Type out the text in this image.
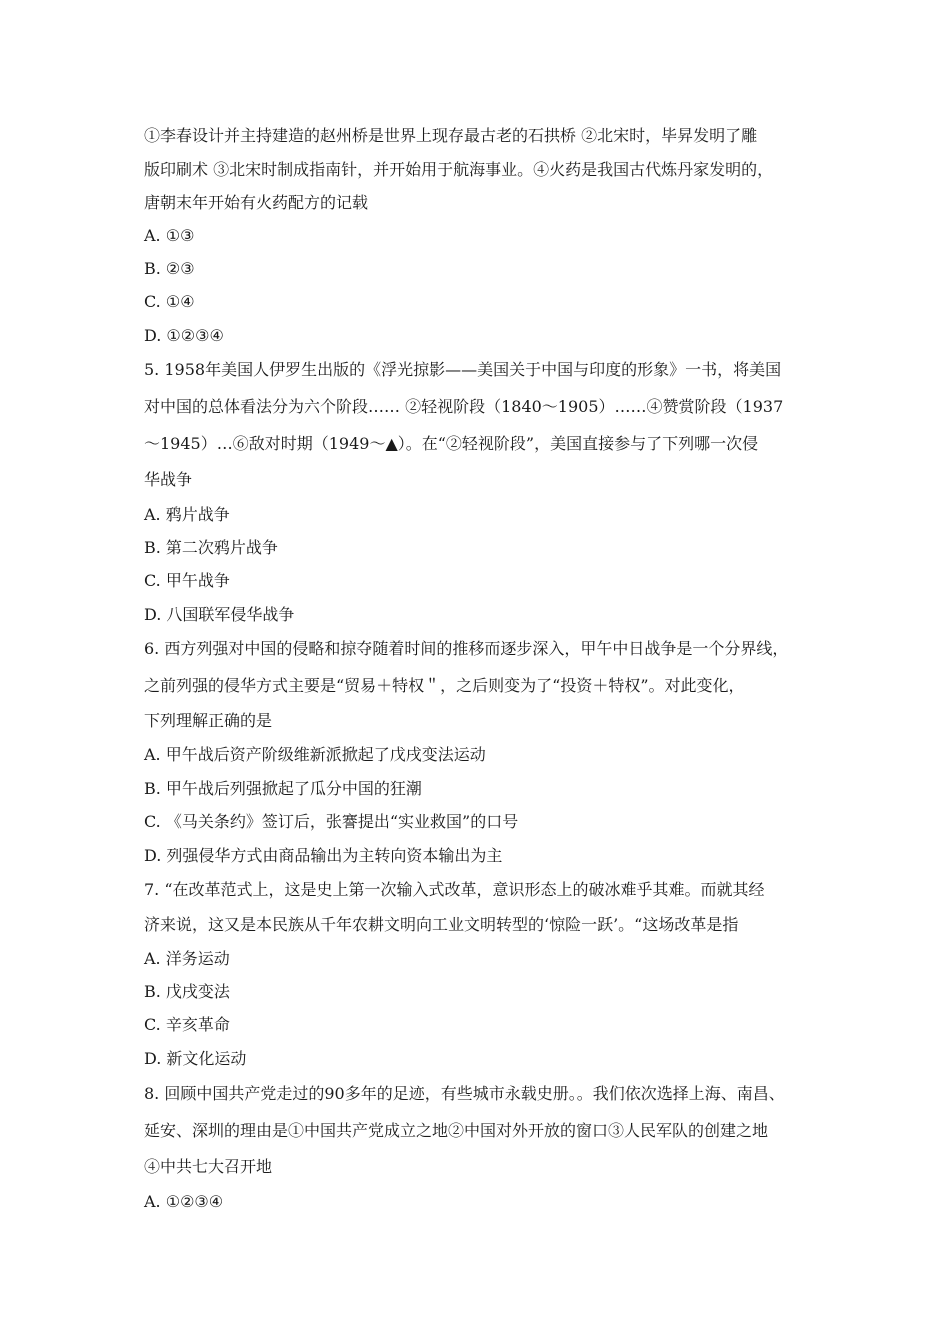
①李春设计并主持建造的赵州桥是世界上现存最古老的石拱桥 ②北宋时，毕昇发明了雕
版印刷术 ③北宋时制成指南针，并开始用于航海事业。④火药是我国古代炼丹家发明的，
唐朝末年开始有火药配方的记载
A. ①③
B. ②③
C. ①④
D. ①②③④
5. 1958年美国人伊罗生出版的《浮光掠影——美国关于中国与印度的形象》一书，将美国
对中国的总体看法分为六个阶段…… ②轻视阶段（1840～1905）……④赞赏阶段（1937
～1945）…⑥敌对时期（1949～▲）。在“②轻视阶段”，美国直接参与了下列哪一次侵
华战争
A. 鸦片战争
B. 第二次鸦片战争
C. 甲午战争
D. 八国联军侵华战争
6. 西方列强对中国的侵略和掠夺随着时间的推移而逐步深入，甲午中日战争是一个分界线，
之前列强的侵华方式主要是“贸易＋特权＂，之后则变为了“投资＋特权”。对此变化，
下列理解正确的是
A. 甲午战后资产阶级维新派掀起了戊戌变法运动
B. 甲午战后列强掀起了瓜分中国的狂潮
C. 《马关条约》签订后，张謇提出“实业救国”的口号
D. 列强侵华方式由商品输出为主转向资本输出为主
7. “在改革范式上，这是史上第一次输入式改革，意识形态上的破冰难乎其难。而就其经
济来说，这又是本民族从千年农耕文明向工业文明转型的‘惊险一跃’。“这场改革是指
A. 洋务运动
B. 戊戌变法
C. 辛亥革命
D. 新文化运动
8. 回顾中国共产党走过的90多年的足迹，有些城市永载史册。。我们依次选择上海、南昌、
延安、深圳的理由是①中国共产党成立之地②中国对外开放的窗口③人民军队的创建之地
④中共七大召开地
A. ①②③④
